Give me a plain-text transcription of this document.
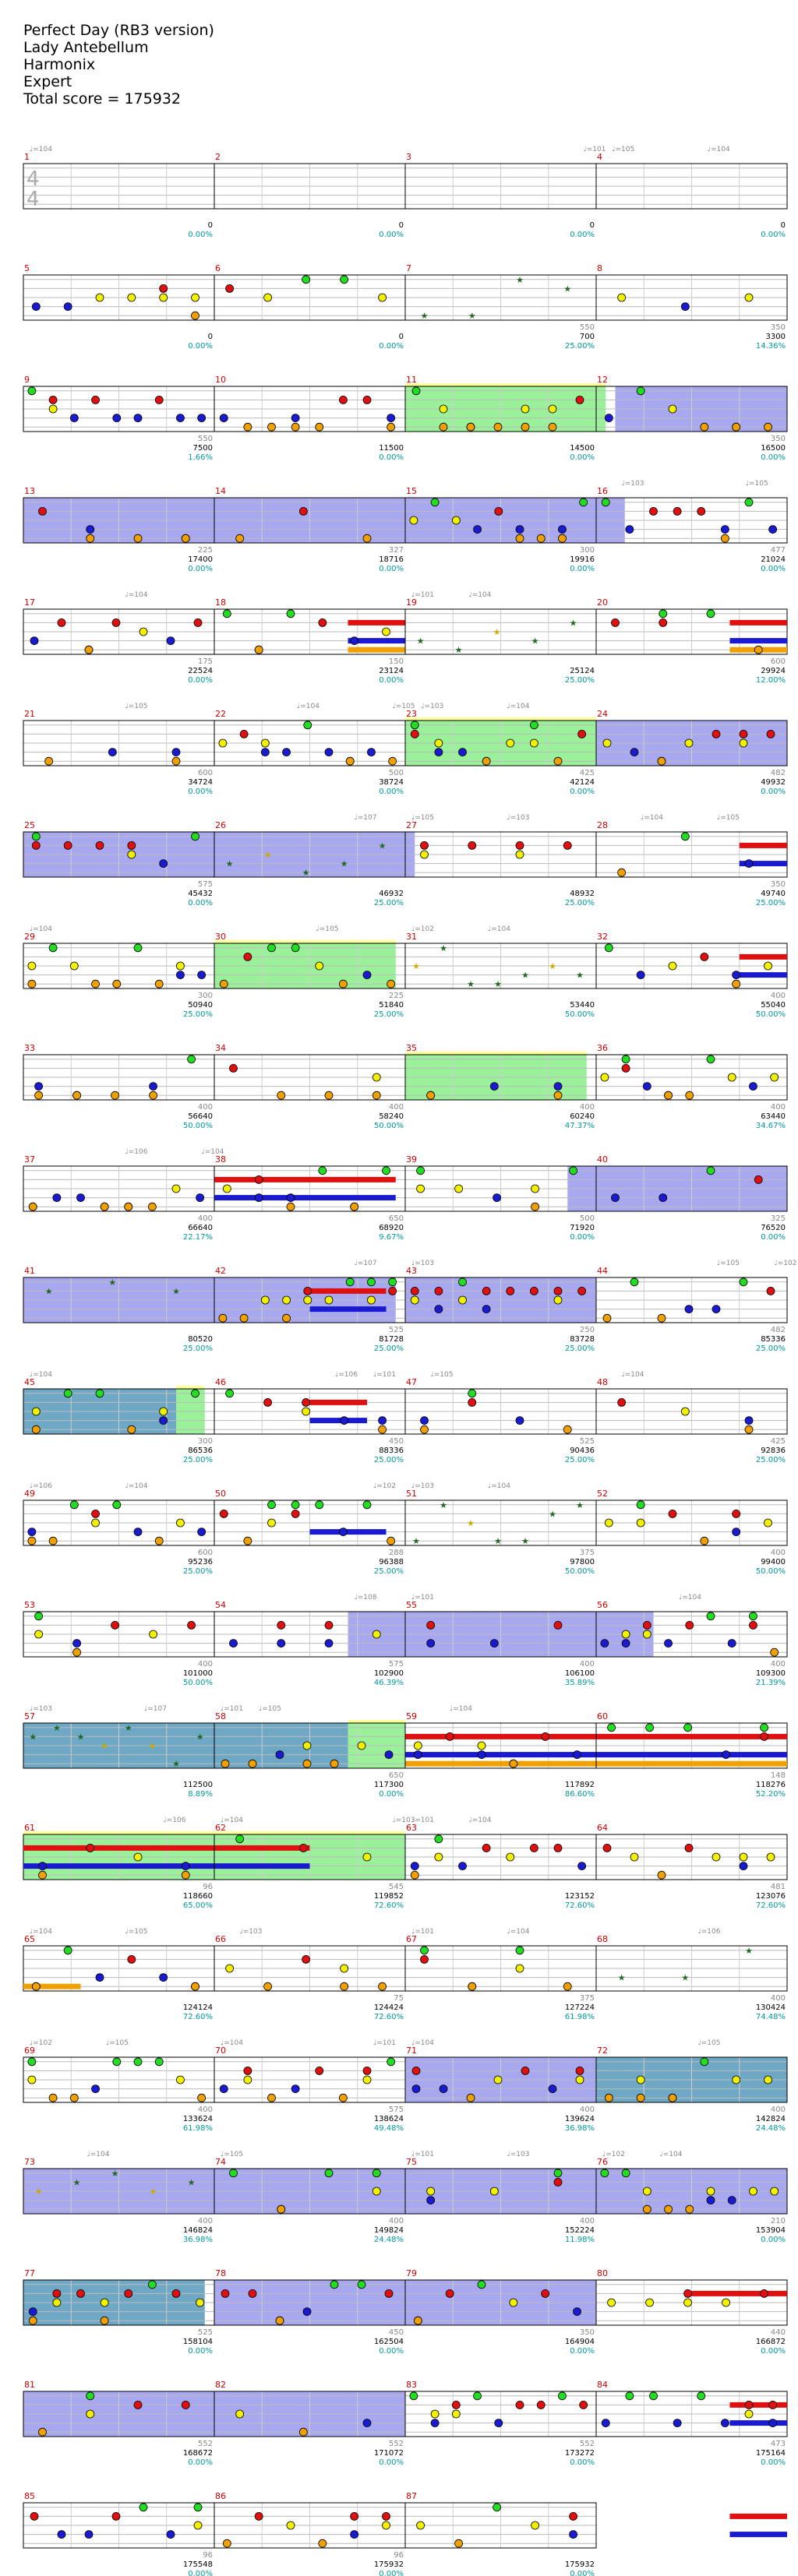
Perfect Day (RB3 version)
Lady Antebellum
Harmonix
Expert
Total score = 175932
1
0
0.00%
2
0
0.00%
3
0
0.00%
4
0
0.00%
4
4
5
0
0.00%
6
0
0.00%
7
★	★
★
★
550
700
25.00%
8
350
3300
14.36%
9
550
7500
1.66%
10
11500
0.00%
11
14500
0.00%
12
350
16500
0.00%
13
225
17400
0.00%
14
327
18716
0.00%
15
300
19916
0.00%
16
477
21024
0.00%
17
175
22524
0.00%
18
150
23124
0.00%
19
★
★
★
★
★
25124
25.00%
20
600
29924
12.00%
21
600
34724
0.00%
22
500
38724
0.00%
23
425
42124
0.00%
24
482
49932
0.00%
25
575
45432
0.00%
26
★
★
★
★
★
46932
25.00%
27
48932
25.00%
28
350
49740
25.00%
29
300
50940
25.00%
30
225
51840
25.00%
31
★
★
★ ★
★
★
★
53440
50.00%
32
400
55040
50.00%
33
400
56640
50.00%
34
400
58240
50.00%
35
400
60240
47.37%
36
400
63440
34.67%
37
400
66640
22.17%
38
650
68920
9.67%
39
500
71920
0.00%
40
325
76520
0.00%
41
★
★
★
80520
25.00%
42
525
81728
25.00%
43
250
83728
25.00%
44
482
85336
25.00%
45
300
86536
25.00%
46
450
88336
25.00%
47
525
90436
25.00%
48
425
92836
25.00%
49
600
95236
25.00%
50
288
96388
25.00%
51
★
★
★
★ ★
★
★
375
97800
50.00%
52
400
99400
50.00%
53
400
101000
50.00%
54
575
102900
46.39%
55
400
106100
35.89%
56
400
109300
21.39%
57
★
★
★
★
★
★
★
★
112500
8.89%
58
650
117300
0.00%
59
117892
86.60%
60
148
118276
52.20%
61
96
118660
65.00%
62
545
119852
72.60%
63
123152
72.60%
64
481
123076
72.60%
65
124124
72.60%
66
75
124424
72.60%
67
375
127224
61.98%
68
★	★
★
400
130424
74.48%
69
400
133624
61.98%
70
575
138624
49.48%
71
400
139624
36.98%
72
400
142824
24.48%
73
★
★
★
★
★
400
146824
36.98%
74
400
149824
24.48%
75
400
152224
11.98%
76
210
153904
0.00%
77
525
158104
0.00%
78
450
162504
0.00%
79
350
164904
0.00%
80
440
166872
0.00%
81
552
168672
0.00%
82
552
171072
0.00%
83
552
173272
0.00%
84
473
175164
0.00%
85
96
175548
0.00%
86
96
175932
0.00%
87
175932
0.00%
♩=104	♩=101 ♩=105	♩=104
♩=103	♩=105
♩=104	♩=101	♩=104
♩=105	♩=104	♩=105 ♩=103	♩=104
♩=107	♩=105	♩=103	♩=104	♩=105
♩=104	♩=105	♩=102	♩=104
♩=106	♩=104
♩=107	♩=103	♩=105	♩=102
♩=104	♩=106 ♩=101	♩=105	♩=104
♩=106	♩=104	♩=102 ♩=103	♩=104
♩=108	♩=101	♩=104
♩=103	♩=107	♩=101 ♩=105	♩=104
♩=106	♩=104	♩=103
♩=101	♩=104
♩=104	♩=105	♩=103	♩=101	♩=104	♩=106
♩=102	♩=105	♩=104	♩=101 ♩=104	♩=105
♩=104	♩=105	♩=101	♩=103	♩=102	♩=104
